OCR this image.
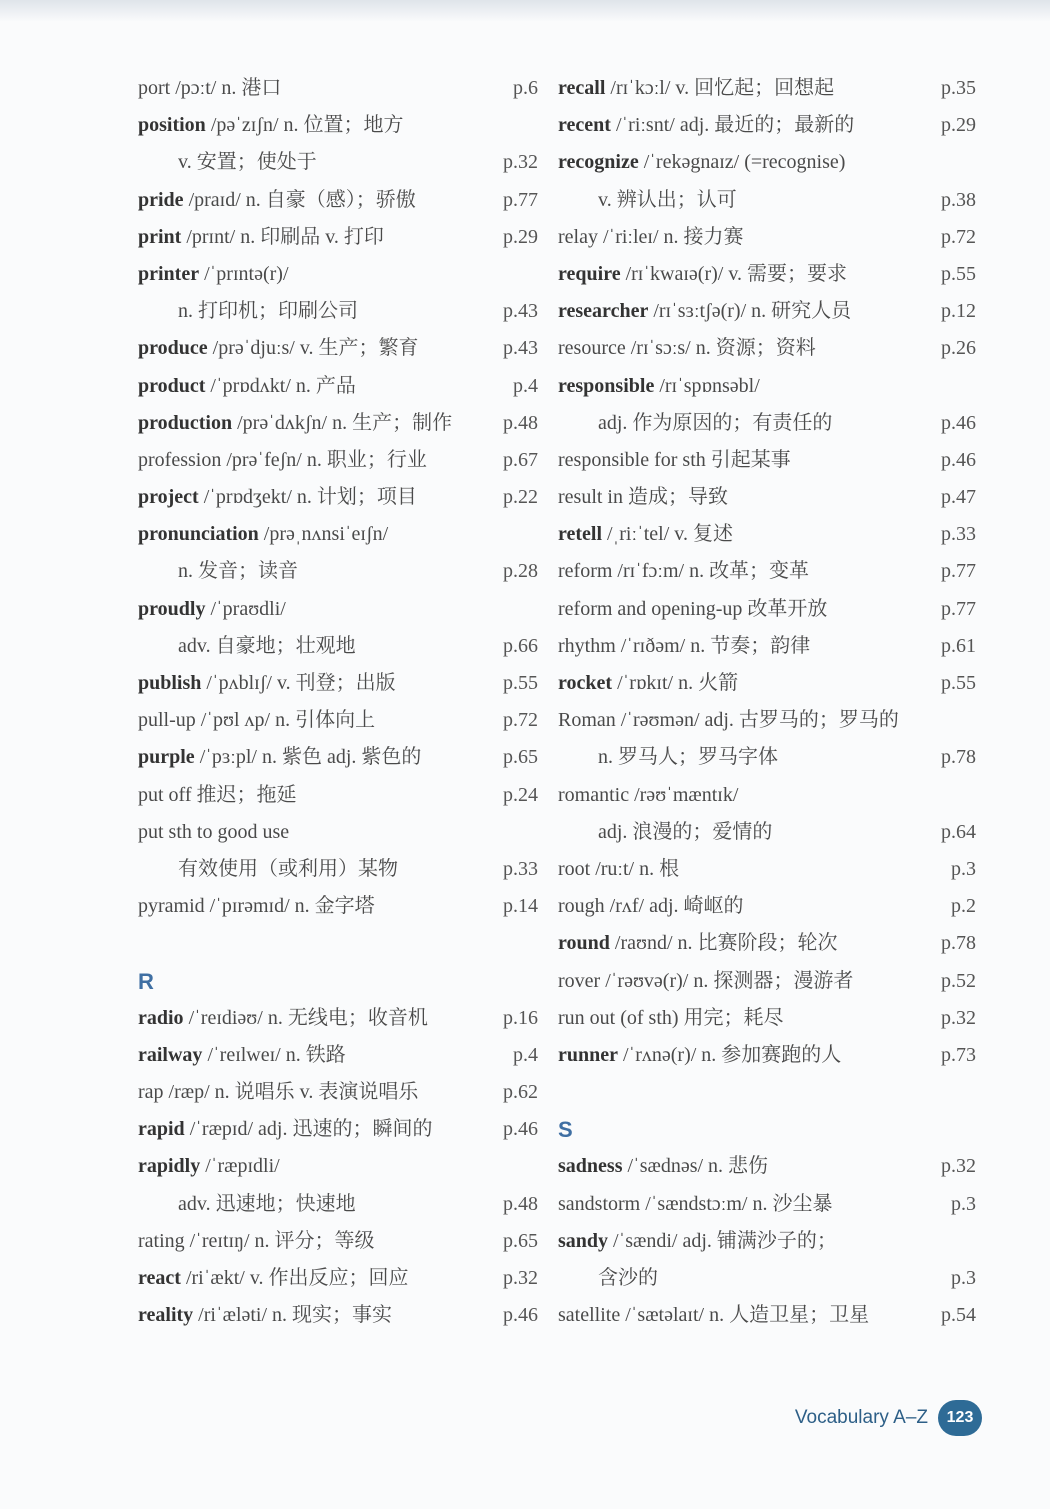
port /pɔːt/ n. 港口	p.6
position /pəˈzɪʃn/ n. 位置；地方
v. 安置；使处于	p.32
pride /praɪd/ n. 自豪（感）；骄傲	p.77
print /prɪnt/ n. 印刷品 v. 打印	p.29
printer /ˈprɪntə(r)/
n. 打印机；印刷公司	p.43
produce /prəˈdjuːs/ v. 生产；繁育	p.43
product /ˈprɒdʌkt/ n. 产品	p.4
production /prəˈdʌkʃn/ n. 生产；制作	p.48
profession /prəˈfeʃn/ n. 职业；行业	p.67
project /ˈprɒdʒekt/ n. 计划；项目	p.22
pronunciation /prəˌnʌnsiˈeɪʃn/
n. 发音；读音	p.28
proudly /ˈpraʊdli/
adv. 自豪地；壮观地	p.66
publish /ˈpʌblɪʃ/ v. 刊登；出版	p.55
pull-up /ˈpʊl ʌp/ n. 引体向上	p.72
purple /ˈpɜːpl/ n. 紫色 adj. 紫色的	p.65
put off 推迟；拖延	p.24
put sth to good use
有效使用（或利用）某物	p.33
pyramid /ˈpɪrəmɪd/ n. 金字塔	p.14
R
radio /ˈreɪdiəʊ/ n. 无线电；收音机	p.16
railway /ˈreɪlweɪ/ n. 铁路	p.4
rap /ræp/ n. 说唱乐 v. 表演说唱乐	p.62
rapid /ˈræpɪd/ adj. 迅速的；瞬间的	p.46
rapidly /ˈræpɪdli/
adv. 迅速地；快速地	p.48
rating /ˈreɪtɪŋ/ n. 评分；等级	p.65
react /riˈækt/ v. 作出反应；回应	p.32
reality /riˈæləti/ n. 现实；事实	p.46
recall /rɪˈkɔːl/ v. 回忆起；回想起	p.35
recent /ˈriːsnt/ adj. 最近的；最新的	p.29
recognize /ˈrekəgnaɪz/ (=recognise)
v. 辨认出；认可	p.38
relay /ˈriːleɪ/ n. 接力赛	p.72
require /rɪˈkwaɪə(r)/ v. 需要；要求	p.55
researcher /rɪˈsɜːtʃə(r)/ n. 研究人员	p.12
resource /rɪˈsɔːs/ n. 资源；资料	p.26
responsible /rɪˈspɒnsəbl/
adj. 作为原因的；有责任的	p.46
responsible for sth 引起某事	p.46
result in 造成；导致	p.47
retell /ˌriːˈtel/ v. 复述	p.33
reform /rɪˈfɔːm/ n. 改革；变革	p.77
reform and opening-up 改革开放	p.77
rhythm /ˈrɪðəm/ n. 节奏；韵律	p.61
rocket /ˈrɒkɪt/ n. 火箭	p.55
Roman /ˈrəʊmən/ adj. 古罗马的；罗马的
n. 罗马人；罗马字体	p.78
romantic /rəʊˈmæntɪk/
adj. 浪漫的；爱情的	p.64
root /ruːt/ n. 根	p.3
rough /rʌf/ adj. 崎岖的	p.2
round /raʊnd/ n. 比赛阶段；轮次	p.78
rover /ˈrəʊvə(r)/ n. 探测器；漫游者	p.52
run out (of sth) 用完；耗尽	p.32
runner /ˈrʌnə(r)/ n. 参加赛跑的人	p.73
S
sadness /ˈsædnəs/ n. 悲伤	p.32
sandstorm /ˈsændstɔːm/ n. 沙尘暴	p.3
sandy /ˈsændi/ adj. 铺满沙子的；
含沙的	p.3
satellite /ˈsætəlaɪt/ n. 人造卫星；卫星	p.54
Vocabulary A–Z	123
